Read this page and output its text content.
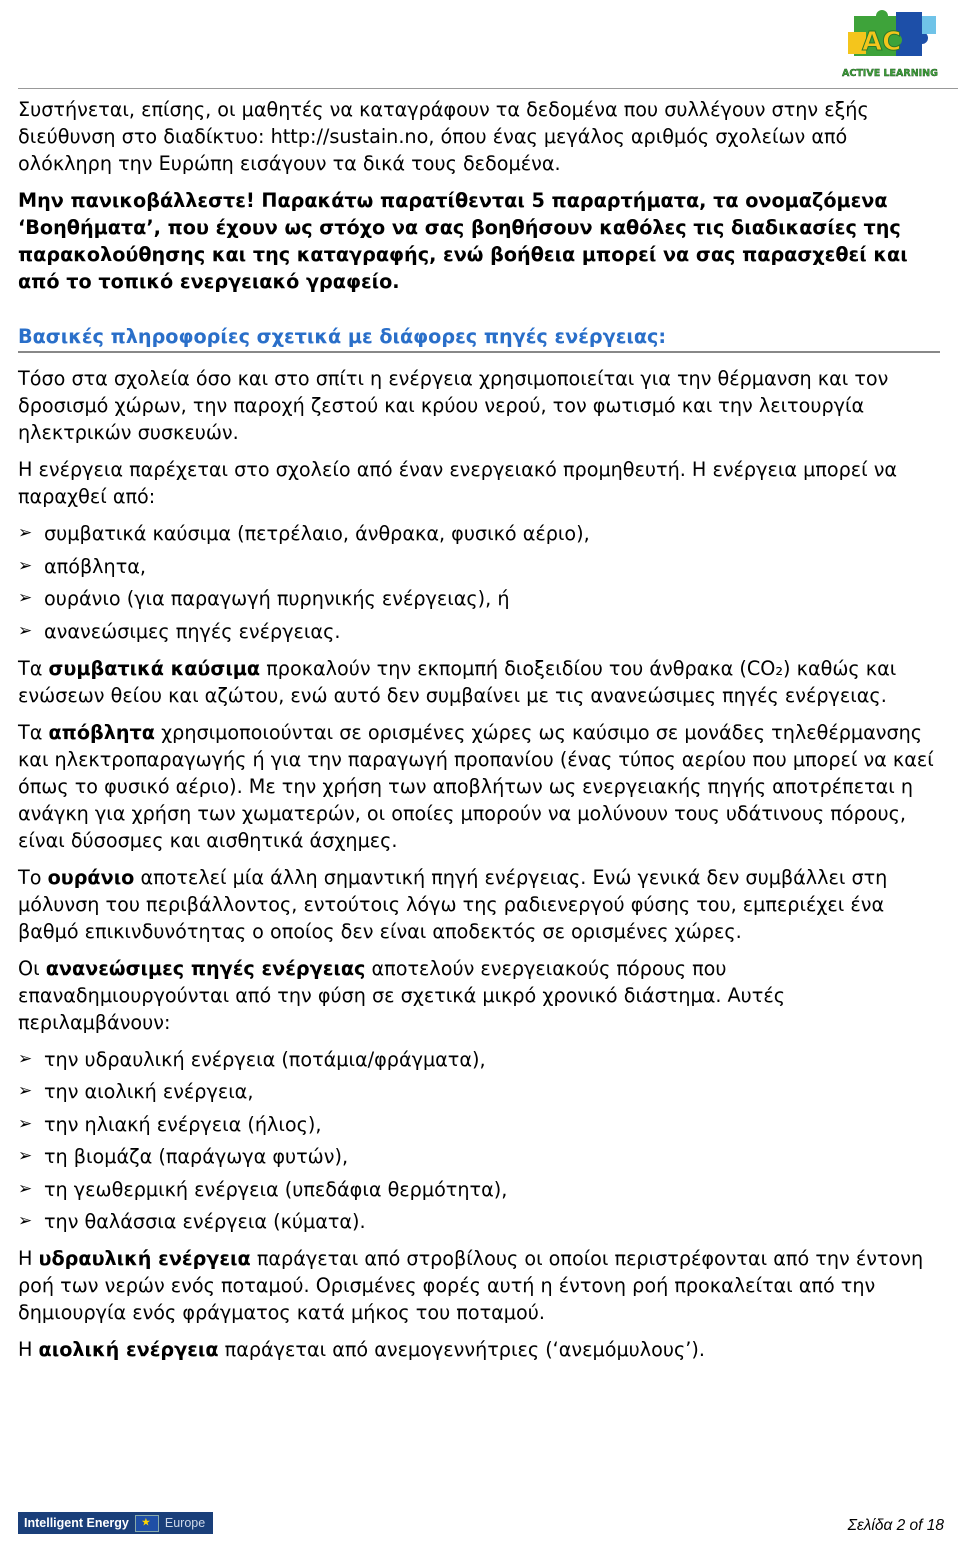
AC
ACTIVE LEARNING

Συστήνεται, επίσης, οι μαθητές να καταγράφουν τα δεδομένα που συλλέγουν στην εξής διεύθυνση στο διαδίκτυο: http://sustain.no, όπου ένας μεγάλος αριθμός σχολείων από ολόκληρη την Ευρώπη εισάγουν τα δικά τους δεδομένα.

Μην πανικοβάλλεστε! Παρακάτω παρατίθενται 5 παραρτήματα, τα ονομαζόμενα ‘Βοηθήματα’, που έχουν ως στόχο να σας βοηθήσουν καθόλες τις διαδικασίες της παρακολούθησης και της καταγραφής, ενώ βοήθεια μπορεί να σας παρασχεθεί και από το τοπικό ενεργειακό γραφείο.

Βασικές πληροφορίες σχετικά με διάφορες πηγές ενέργειας:

Τόσο στα σχολεία όσο και στο σπίτι η ενέργεια χρησιμοποιείται για την θέρμανση και τον δροσισμό χώρων, την παροχή ζεστού και κρύου νερού, τον φωτισμό και την λειτουργία ηλεκτρικών συσκευών.

Η ενέργεια παρέχεται στο σχολείο από έναν ενεργειακό προμηθευτή. Η ενέργεια μπορεί να παραχθεί από:

➢ συμβατικά καύσιμα (πετρέλαιο, άνθρακα, φυσικό αέριο),
➢ απόβλητα,
➢ ουράνιο (για παραγωγή πυρηνικής ενέργειας), ή
➢ ανανεώσιμες πηγές ενέργειας.

Τα συμβατικά καύσιμα προκαλούν την εκπομπή διοξειδίου του άνθρακα (CO₂) καθώς και ενώσεων θείου και αζώτου, ενώ αυτό δεν συμβαίνει με τις ανανεώσιμες πηγές ενέργειας.

Τα απόβλητα χρησιμοποιούνται σε ορισμένες χώρες ως καύσιμο σε μονάδες τηλεθέρμανσης και ηλεκτροπαραγωγής ή για την παραγωγή προπανίου (ένας τύπος αερίου που μπορεί να καεί όπως το φυσικό αέριο). Με την χρήση των αποβλήτων ως ενεργειακής πηγής αποτρέπεται η ανάγκη για χρήση των χωματερών, οι οποίες μπορούν να μολύνουν τους υδάτινους πόρους, είναι δύσοσμες και αισθητικά άσχημες.

Το ουράνιο αποτελεί μία άλλη σημαντική πηγή ενέργειας. Ενώ γενικά δεν συμβάλλει στη μόλυνση του περιβάλλοντος, εντούτοις λόγω της ραδιενεργού φύσης του, εμπεριέχει ένα βαθμό επικινδυνότητας ο οποίος δεν είναι αποδεκτός σε ορισμένες χώρες.

Οι ανανεώσιμες πηγές ενέργειας αποτελούν ενεργειακούς πόρους που επαναδημιουργούνται από την φύση σε σχετικά μικρό χρονικό διάστημα. Αυτές περιλαμβάνουν:

➢ την υδραυλική ενέργεια (ποτάμια/φράγματα),
➢ την αιολική ενέργεια,
➢ την ηλιακή ενέργεια (ήλιος),
➢ τη βιομάζα (παράγωγα φυτών),
➢ τη γεωθερμική ενέργεια (υπεδάφια θερμότητα),
➢ την θαλάσσια ενέργεια (κύματα).

Η υδραυλική ενέργεια παράγεται από στροβίλους οι οποίοι περιστρέφονται από την έντονη ροή των νερών ενός ποταμού. Ορισμένες φορές αυτή η έντονη ροή προκαλείται από την δημιουργία ενός φράγματος κατά μήκος του ποταμού.

Η αιολική ενέργεια παράγεται από ανεμογεννήτριες (‘ανεμόμυλους’).

Intelligent Energy
★	Europe	Σελίδα 2 of 18
